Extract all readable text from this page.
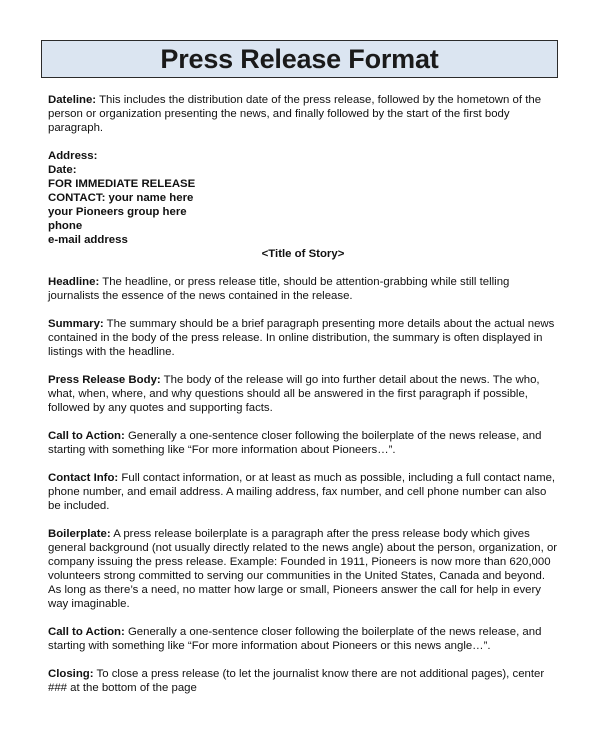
Press Release Format

Dateline: This includes the distribution date of the press release, followed by the hometown of the person or organization presenting the news, and finally followed by the start of the first body paragraph.

Address:

Date:

FOR IMMEDIATE RELEASE

CONTACT: your name here

your Pioneers group here

phone

e-mail address

<Title of Story>

Headline: The headline, or press release title, should be attention-grabbing while still telling journalists the essence of the news contained in the release.

Summary: The summary should be a brief paragraph presenting more details about the actual news contained in the body of the press release. In online distribution, the summary is often displayed in listings with the headline.

Press Release Body: The body of the release will go into further detail about the news. The who, what, when, where, and why questions should all be answered in the first paragraph if possible, followed by any quotes and supporting facts.

Call to Action: Generally a one-sentence closer following the boilerplate of the news release, and starting with something like “For more information about Pioneers…”.

Contact Info: Full contact information, or at least as much as possible, including a full contact name, phone number, and email address. A mailing address, fax number, and cell phone number can also be included.

Boilerplate: A press release boilerplate is a paragraph after the press release body which gives general background (not usually directly related to the news angle) about the person, organization, or company issuing the press release. Example: Founded in 1911, Pioneers is now more than 620,000 volunteers strong committed to serving our communities in the United States, Canada and beyond. As long as there’s a need, no matter how large or small, Pioneers answer the call for help in every way imaginable.

Call to Action: Generally a one-sentence closer following the boilerplate of the news release, and starting with something like “For more information about Pioneers or this news angle…”.

Closing: To close a press release (to let the journalist know there are not additional pages), center ### at the bottom of the page
